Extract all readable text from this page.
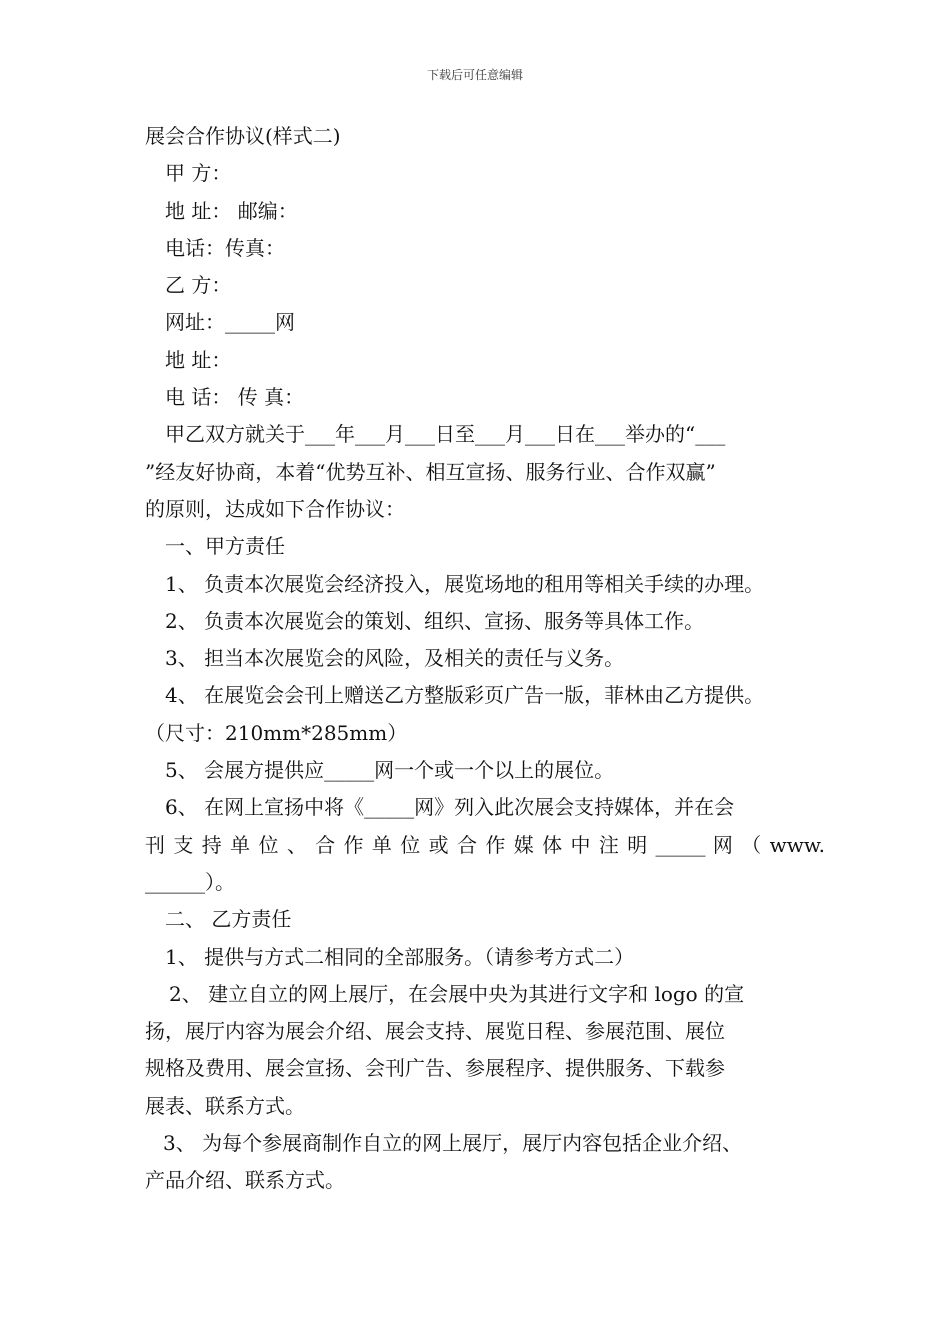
下载后可任意编辑

展会合作协议(样式二)

甲 方：

地 址： 邮编：

电话：传真：

乙 方：

网址：_____网

地 址：

电 话： 传 真：

甲乙双方就关于___年___月___日至___月___日在___举办的“___

”经友好协商，本着“优势互补、相互宣扬、服务行业、合作双赢”

的原则，达成如下合作协议：

一、甲方责任

1、 负责本次展览会经济投入，展览场地的租用等相关手续的办理。

2、 负责本次展览会的策划、组织、宣扬、服务等具体工作。

3、 担当本次展览会的风险，及相关的责任与义务。

4、 在展览会会刊上赠送乙方整版彩页广告一版，菲林由乙方提供。

（尺寸：210mm*285mm）

5、 会展方提供应_____网一个或一个以上的展位。

6、 在网上宣扬中将《_____网》列入此次展会支持媒体，并在会

刊 支 持 单 位 、 合 作 单 位 或 合 作 媒 体 中 注 明 _____ 网 （ www.

______）。

二、 乙方责任

1、 提供与方式二相同的全部服务。（请参考方式二）

2、 建立自立的网上展厅，在会展中央为其进行文字和 logo 的宣

扬，展厅内容为展会介绍、展会支持、展览日程、参展范围、展位

规格及费用、展会宣扬、会刊广告、参展程序、提供服务、下载参

展表、联系方式。

3、 为每个参展商制作自立的网上展厅，展厅内容包括企业介绍、

产品介绍、联系方式。
